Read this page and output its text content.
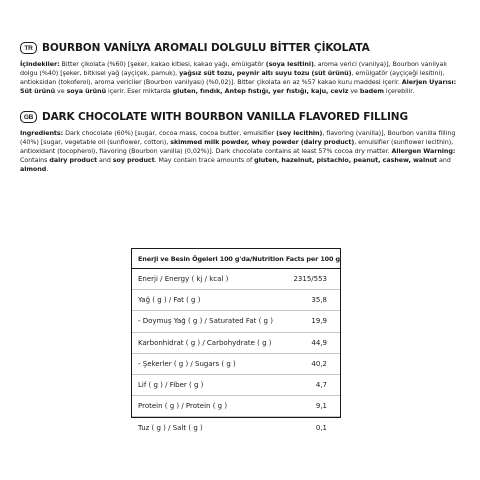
TR BOURBON VANİLYA AROMALI DOLGULU BİTTER ÇİKOLATA
İçindekiler: Bitter çikolata (%60) [şeker, kakao kitlesi, kakao yağı, emülgatör (soya lesitini), aroma verici (vanilya)], Bourbon vanilyalı dolgu (%40) [şeker, bitkisel yağ (ayçiçek, pamuk), yağsız süt tozu, peynir altı suyu tozu (süt ürünü), emülgatör (ayçiçeği lesitini), antioksidan (tokoferol), aroma vericiler (Bourbon vanilyası) (%0,02)]. Bitter çikolata en az %57 kakao kuru maddesi içerir. Alerjen Uyarısı: Süt ürünü ve soya ürünü içerir. Eser miktarda gluten, fındık, Antep fıstığı, yer fıstığı, kaju, ceviz ve badem içerebilir.
GB DARK CHOCOLATE WITH BOURBON VANILLA FLAVORED FILLING
Ingredients: Dark chocolate (60%) [sugar, cocoa mass, cocoa butter, emulsifier (soy lecithin), flavoring (vanilla)], Bourbon vanilla filling (40%) [sugar, vegetable oil (sunflower, cotton), skimmed milk powder, whey powder (dairy product), emulsifier (sunflower lecithin), antioxidant (tocopherol), flavoring (Bourbon vanilla) (0,02%)]. Dark chocolate contains at least 57% cocoa dry matter. Allergen Warning: Contains dairy product and soy product. May contain trace amounts of gluten, hazelnut, pistachio, peanut, cashew, walnut and almond.
Enerji ve Besin Ögeleri 100 g'da/Nutrition Facts per 100 g
Enerji / Energy ( kj / kcal )	2315/553
Yağ ( g ) / Fat ( g )	35,8
- Doymuş Yağ ( g ) / Saturated Fat ( g )	19,9
Karbonhidrat ( g ) / Carbohydrate ( g )	44,9
- Şekerler ( g ) / Sugars ( g )	40,2
Lif ( g ) / Fiber ( g )	4,7
Protein ( g ) / Protein ( g )	9,1
Tuz ( g ) / Salt ( g )	0,1
